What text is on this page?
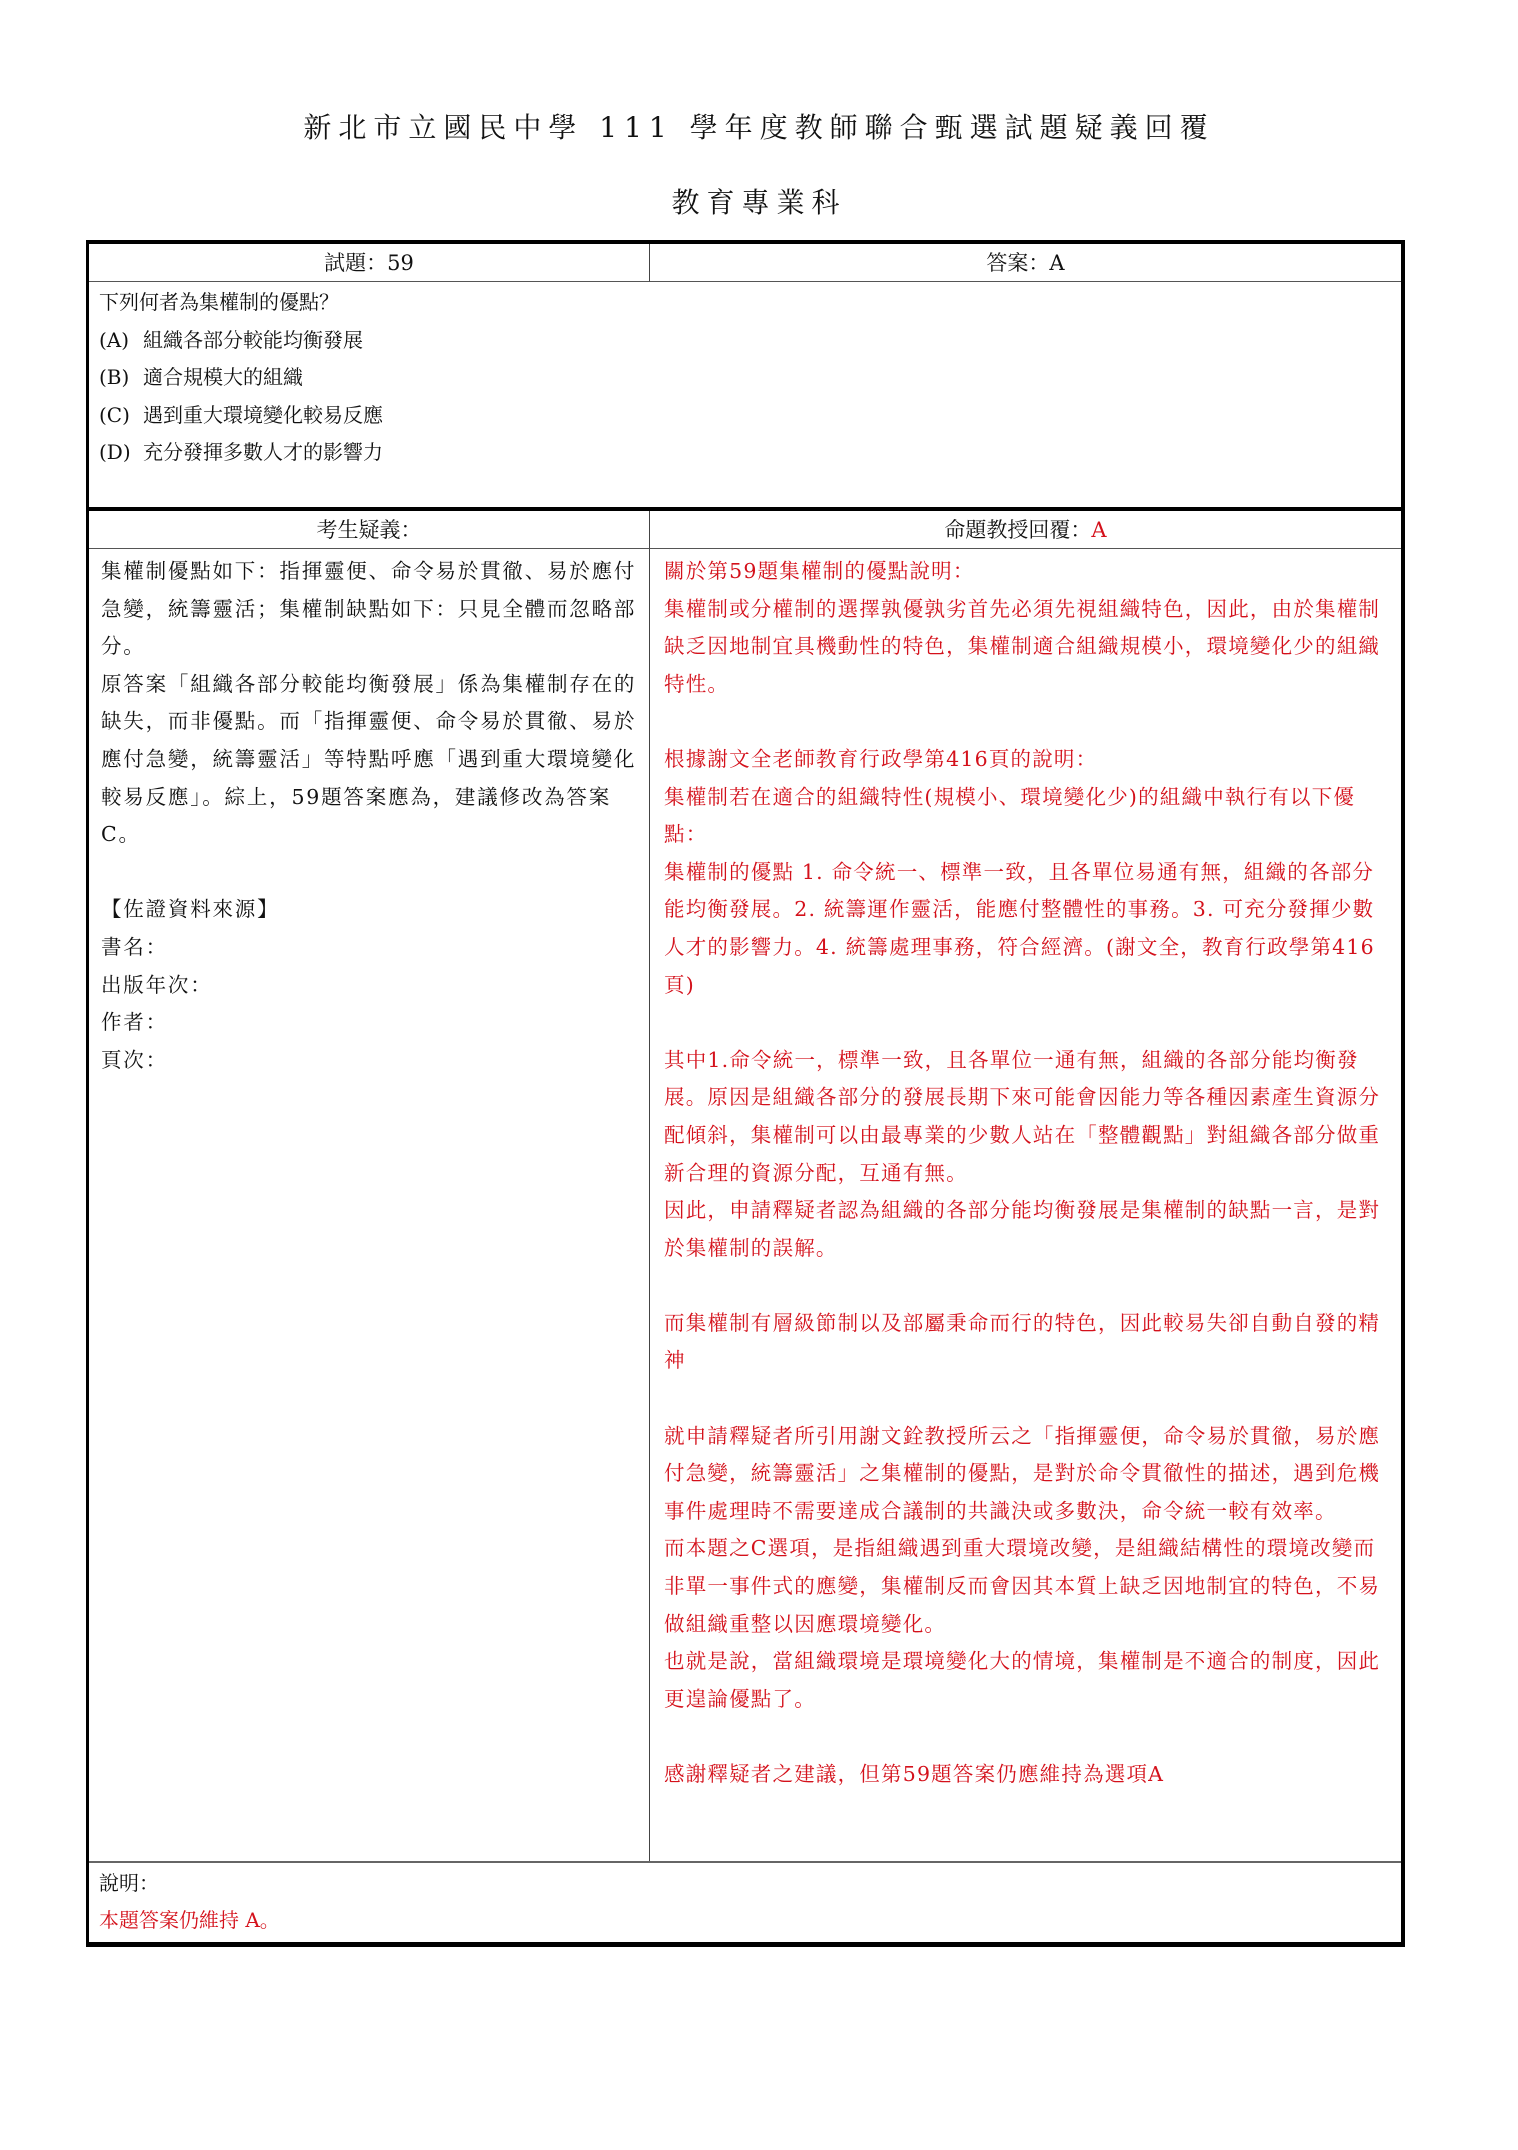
新北市立國民中學 111 學年度教師聯合甄選試題疑義回覆
教育專業科
試題：59	答案：A
下列何者為集權制的優點？
(A) 組織各部分較能均衡發展
(B) 適合規模大的組織
(C) 遇到重大環境變化較易反應
(D) 充分發揮多數人才的影響力
考生疑義：	命題教授回覆：A

集權制優點如下：指揮靈便、命令易於貫徹、易於應付急變，統籌靈活；集權制缺點如下：只見全體而忽略部分。

原答案「組織各部分較能均衡發展」係為集權制存在的缺失，而非優點。而「指揮靈便、命令易於貫徹、易於應付急變，統籌靈活」等特點呼應「遇到重大環境變化較易反應」。綜上，59題答案應為，建議修改為答案C。

【佐證資料來源】
書名：
出版年次：
作者：
頁次：

關於第59題集權制的優點說明：

集權制或分權制的選擇孰優孰劣首先必須先視組織特色，因此，由於集權制缺乏因地制宜具機動性的特色，集權制適合組織規模小，環境變化少的組織特性。

根據謝文全老師教育行政學第416頁的說明：

集權制若在適合的組織特性(規模小、環境變化少)的組織中執行有以下優點：

集權制的優點 1. 命令統一、標準一致，且各單位易通有無，組織的各部分能均衡發展。2. 統籌運作靈活，能應付整體性的事務。3. 可充分發揮少數人才的影響力。4. 統籌處理事務，符合經濟。(謝文全，教育行政學第416頁)

其中1.命令統一，標準一致，且各單位一通有無，組織的各部分能均衡發展。原因是組織各部分的發展長期下來可能會因能力等各種因素產生資源分配傾斜，集權制可以由最專業的少數人站在「整體觀點」對組織各部分做重新合理的資源分配，互通有無。

因此，申請釋疑者認為組織的各部分能均衡發展是集權制的缺點一言，是對於集權制的誤解。

而集權制有層級節制以及部屬秉命而行的特色，因此較易失卻自動自發的精神

就申請釋疑者所引用謝文銓教授所云之「指揮靈便，命令易於貫徹，易於應付急變，統籌靈活」之集權制的優點，是對於命令貫徹性的描述，遇到危機事件處理時不需要達成合議制的共識決或多數決，命令統一較有效率。

而本題之C選項，是指組織遇到重大環境改變，是組織結構性的環境改變而非單一事件式的應變，集權制反而會因其本質上缺乏因地制宜的特色，不易做組織重整以因應環境變化。

也就是說，當組織環境是環境變化大的情境，集權制是不適合的制度，因此更遑論優點了。

感謝釋疑者之建議，但第59題答案仍應維持為選項A

說明：
本題答案仍維持 A。
